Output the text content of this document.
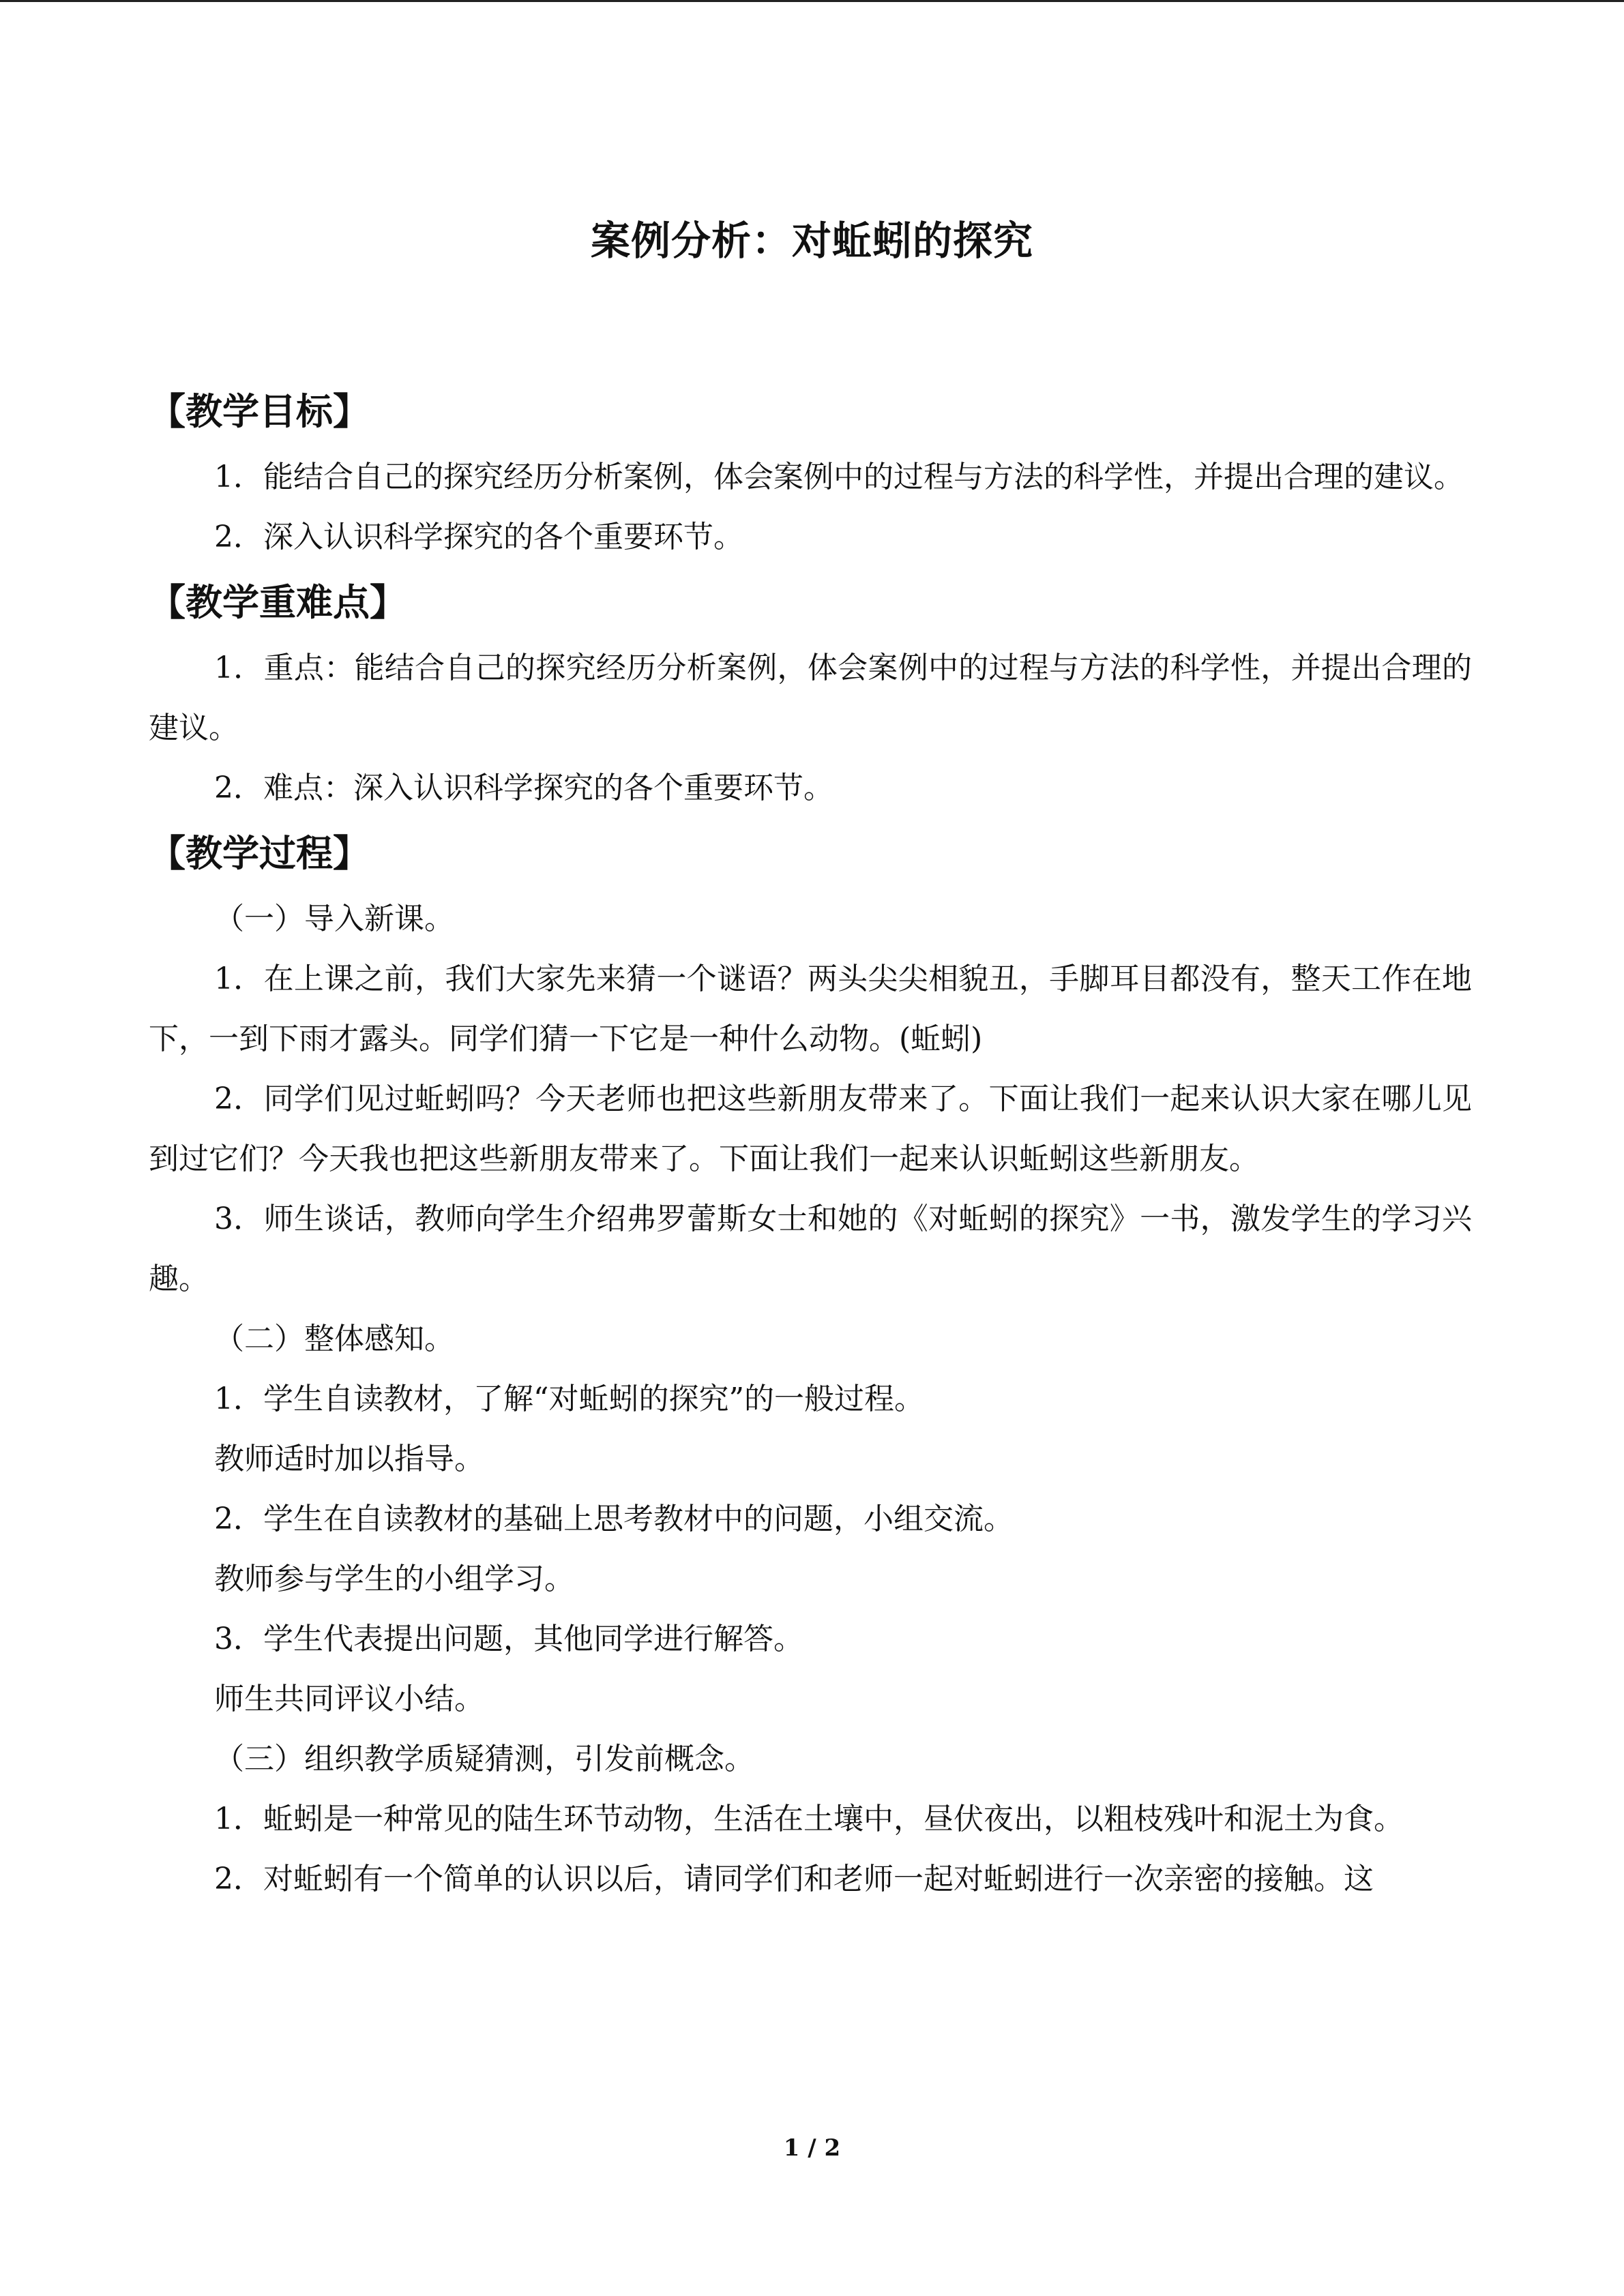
案例分析：对蚯蚓的探究
【教学目标】

1．能结合自己的探究经历分析案例，体会案例中的过程与方法的科学性，并提出合理的建议。

2．深入认识科学探究的各个重要环节。

【教学重难点】

1．重点：能结合自己的探究经历分析案例，体会案例中的过程与方法的科学性，并提出合理的建议。

2．难点：深入认识科学探究的各个重要环节。

【教学过程】

（一）导入新课。

1．在上课之前，我们大家先来猜一个谜语？两头尖尖相貌丑，手脚耳目都没有，整天工作在地下，一到下雨才露头。同学们猜一下它是一种什么动物。(蚯蚓)

2．同学们见过蚯蚓吗？今天老师也把这些新朋友带来了。下面让我们一起来认识大家在哪儿见到过它们？今天我也把这些新朋友带来了。下面让我们一起来认识蚯蚓这些新朋友。

3．师生谈话，教师向学生介绍弗罗蕾斯女士和她的《对蚯蚓的探究》一书，激发学生的学习兴趣。

（二）整体感知。

1．学生自读教材，了解“对蚯蚓的探究”的一般过程。

教师适时加以指导。

2．学生在自读教材的基础上思考教材中的问题，小组交流。

教师参与学生的小组学习。

3．学生代表提出问题，其他同学进行解答。

师生共同评议小结。

（三）组织教学质疑猜测，引发前概念。

1．蚯蚓是一种常见的陆生环节动物，生活在土壤中，昼伏夜出，以粗枝残叶和泥土为食。

2．对蚯蚓有一个简单的认识以后，请同学们和老师一起对蚯蚓进行一次亲密的接触。这

1 / 2
